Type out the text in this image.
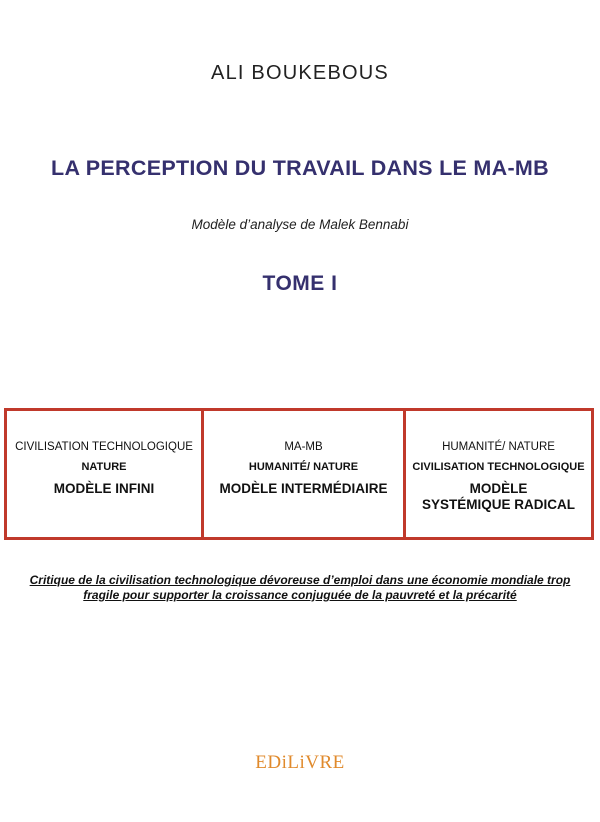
ALI BOUKEBOUS
LA PERCEPTION DU TRAVAIL DANS LE MA-MB
Modèle d’analyse de Malek Bennabi
TOME I
CIVILISATION TECHNOLOGIQUE
NATURE
MODÈLE INFINI
MA-MB
HUMANITÉ/ NATURE
MODÈLE INTERMÉDIAIRE
HUMANITÉ/ NATURE
CIVILISATION TECHNOLOGIQUE
MODÈLE
SYSTÉMIQUE RADICAL
Critique de la civilisation technologique dévoreuse d’emploi dans une économie mondiale trop
fragile pour supporter la croissance conjuguée de la pauvreté et la précarité
EDiLiVRE
